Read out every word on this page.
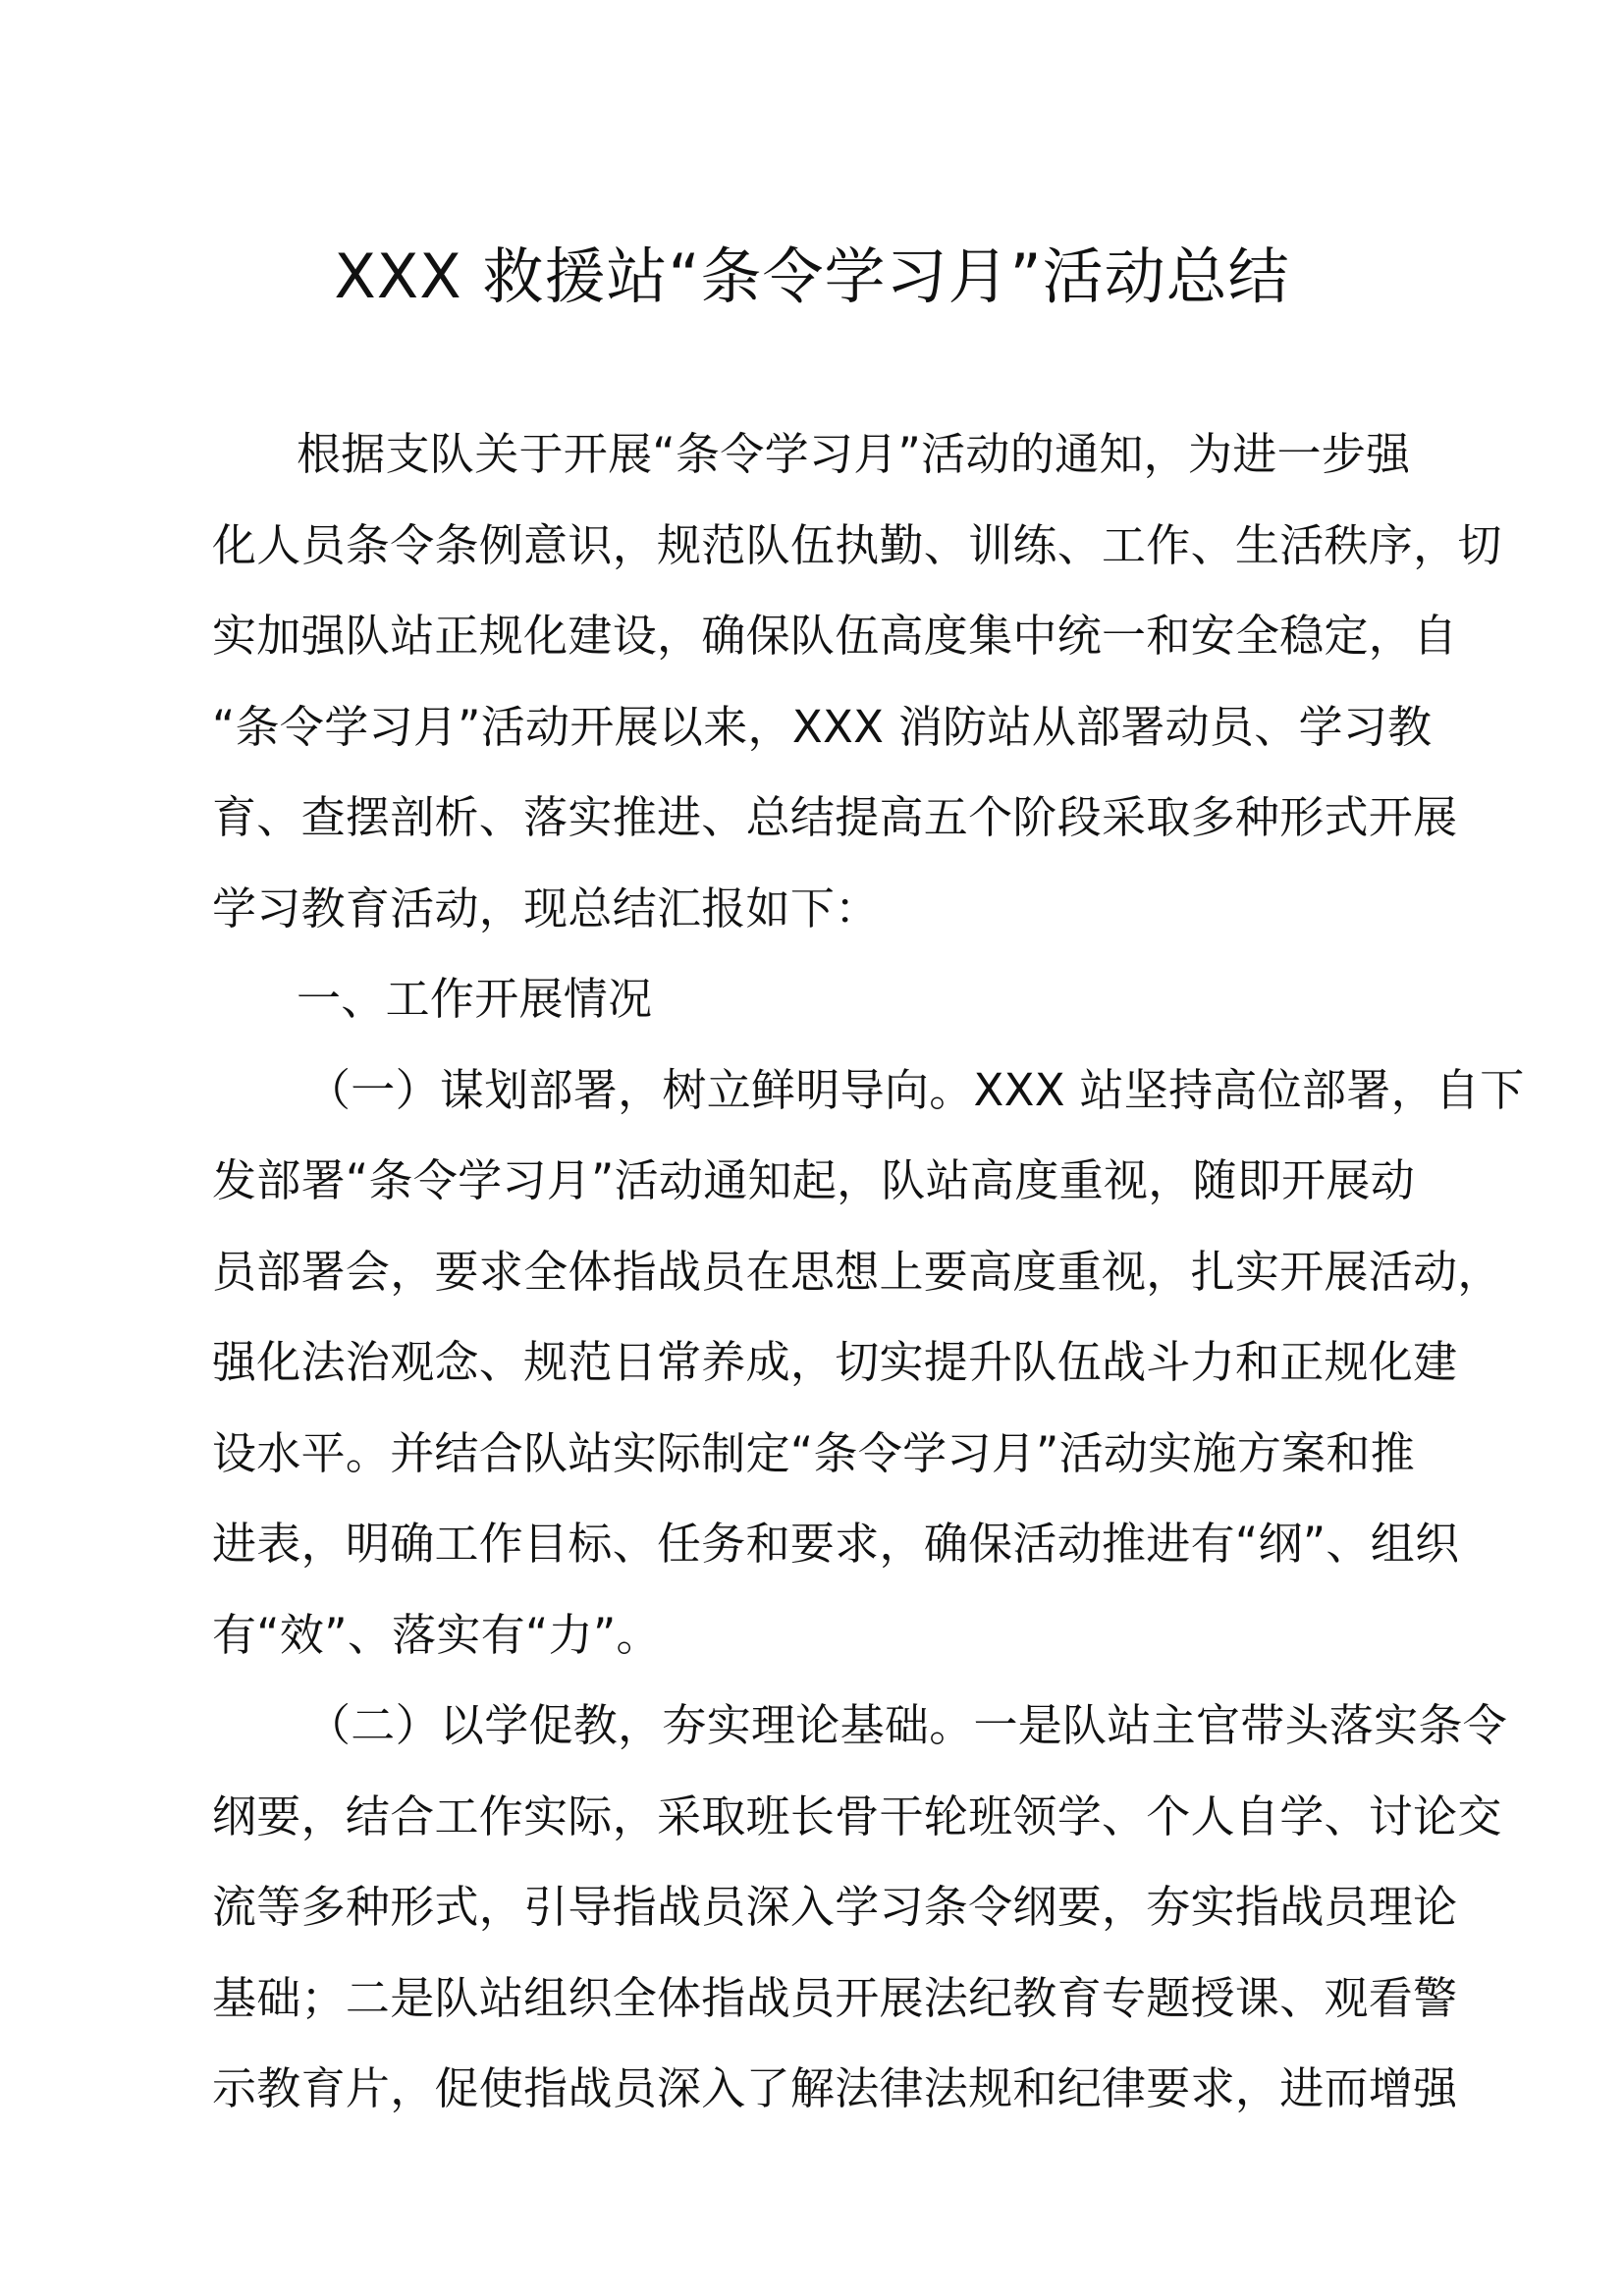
XXX 救援站“条令学习月”活动总结
根据支队关于开展“条令学习月”活动的通知，为进一步强
化人员条令条例意识，规范队伍执勤、训练、工作、生活秩序，切
实加强队站正规化建设，确保队伍高度集中统一和安全稳定，自
“条令学习月”活动开展以来，XXX 消防站从部署动员、学习教
育、查摆剖析、落实推进、总结提高五个阶段采取多种形式开展
学习教育活动，现总结汇报如下：
一、工作开展情况
（一）谋划部署，树立鲜明导向。XXX 站坚持高位部署，自下
发部署“条令学习月”活动通知起，队站高度重视，随即开展动
员部署会，要求全体指战员在思想上要高度重视，扎实开展活动，
强化法治观念、规范日常养成，切实提升队伍战斗力和正规化建
设水平。并结合队站实际制定“条令学习月”活动实施方案和推
进表，明确工作目标、任务和要求，确保活动推进有“纲”、组织
有“效”、落实有“力”。
（二）以学促教，夯实理论基础。一是队站主官带头落实条令
纲要，结合工作实际，采取班长骨干轮班领学、个人自学、讨论交
流等多种形式，引导指战员深入学习条令纲要，夯实指战员理论
基础；二是队站组织全体指战员开展法纪教育专题授课、观看警
示教育片，促使指战员深入了解法律法规和纪律要求，进而增强
